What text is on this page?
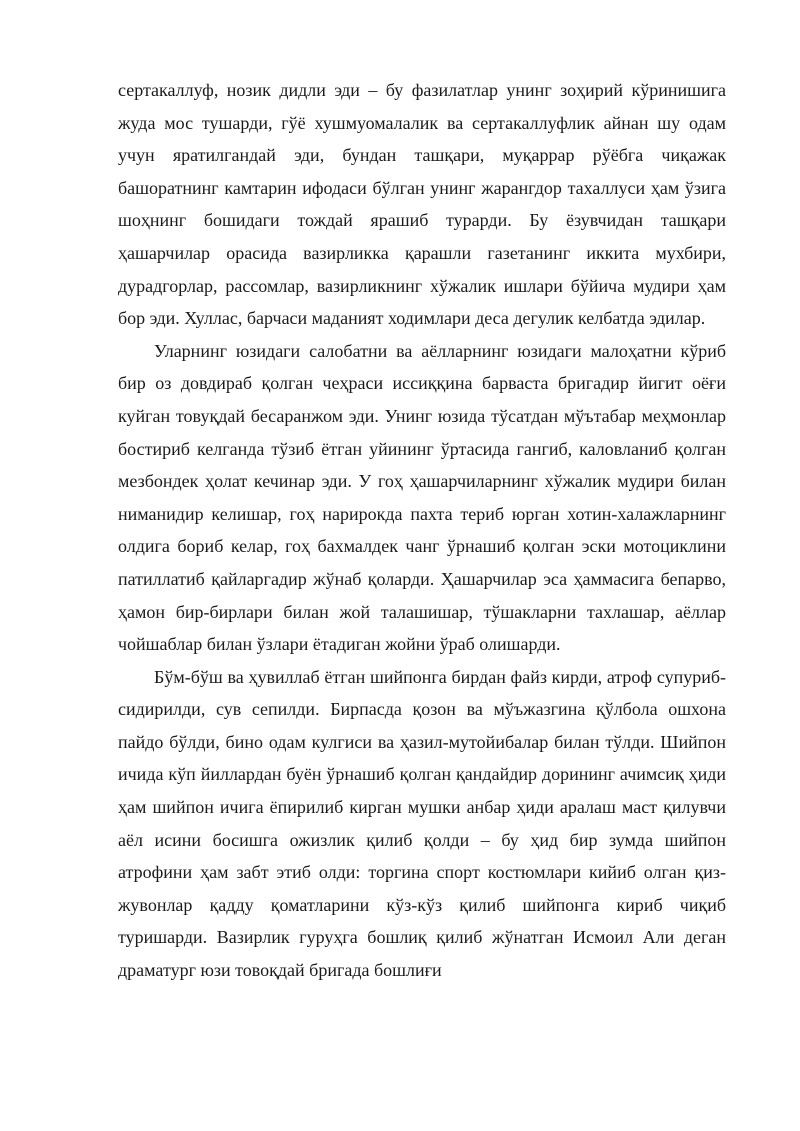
сертакаллуф, нозик дидли эди – бу фазилатлар унинг зоҳирий кўринишига жуда мос тушарди, гўё хушмуомалалик ва сертакаллуфлик айнан шу одам учун яратилгандай эди, бундан ташқари, муқаррар рўёбга чиқажак башоратнинг камтарин ифодаси бўлган унинг жарангдор тахаллуси ҳам ўзига шоҳнинг бошидаги тождай ярашиб турарди. Бу ёзувчидан ташқари ҳашарчилар орасида вазирликка қарашли газетанинг иккита мухбири, дурадгорлар, рассомлар, вазирликнинг хўжалик ишлари бўйича мудири ҳам бор эди. Хуллас, барчаси маданият ходимлари деса дегулик келбатда эдилар.

Уларнинг юзидаги салобатни ва аёлларнинг юзидаги малоҳатни кўриб бир оз довдираб қолган чеҳраси иссиққина барваста бригадир йигит оёғи куйган товуқдай бесаранжом эди. Унинг юзида тўсатдан мўътабар меҳмонлар бостириб келганда тўзиб ётган уйининг ўртасида гангиб, каловланиб қолган мезбондек ҳолат кечинар эди. У гоҳ ҳашарчиларнинг хўжалик мудири билан ниманидир келишар, гоҳ нарирокда пахта териб юрган хотин-халажларнинг олдига бориб келар, гоҳ бахмалдек чанг ўрнашиб қолган эски мотоциклини патиллатиб қайларгадир жўнаб қоларди. Ҳашарчилар эса ҳаммасига бепарво, ҳамон бир-бирлари билан жой талашишар, тўшакларни тахлашар, аёллар чойшаблар билан ўзлари ётадиган жойни ўраб олишарди.

Бўм-бўш ва ҳувиллаб ётган шийпонга бирдан файз кирди, атроф супуриб-сидирилди, сув сепилди. Бирпасда қозон ва мўъжазгина қўлбола ошхона пайдо бўлди, бино одам кулгиси ва ҳазил-мутойибалар билан тўлди. Шийпон ичида кўп йиллардан буён ўрнашиб қолган қандайдир дорининг ачимсиқ ҳиди ҳам шийпон ичига ёпирилиб кирган мушки анбар ҳиди аралаш маст қилувчи аёл исини босишга ожизлик қилиб қолди – бу ҳид бир зумда шийпон атрофини ҳам забт этиб олди: торгина спорт костюмлари кийиб олган қиз-жувонлар қадду қоматларини кўз-кўз қилиб шийпонга кириб чиқиб туришарди. Вазирлик гуруҳга бошлиқ қилиб жўнатган Исмоил Али деган драматург юзи товоқдай бригада бошлиғи
